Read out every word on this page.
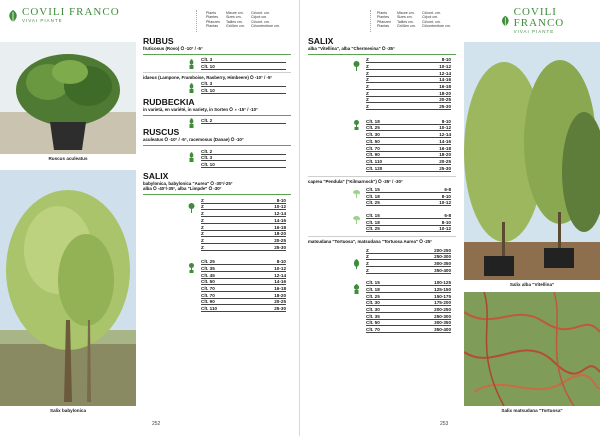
COVILI FRANCO
VIVAI PIANTE
Plants
Plantes
Pflanzen
Plantas
Misure cm.
Sizes cm.
Tailles cm.
Größen cm.
Ci/cont. cm.
Ci/pot cm.
Ci/cont. cm.
Ci/contenitore cm.
Ruscus aculeatus
Salix babylonica
RUBUS
fruticosus (Rovo) ⭘ -10° / -5°
Clt. 3
Clt. 10
idaeus (Lampone, Framboise, Rasberry, Himbeere) ⭘ -10° / -5°
Clt. 3
Clt. 10
RUDBECKIA
in varietà, en variété, in variety, in Sorten ⭘ ◑ -15° / -10°
Clt. 2
RUSCUS
aculeatus ⭘ -10° / -5°, racemosus (Danae) ⭘ -10°
Clt. 2
Clt. 3
Clt. 10
SALIX
babylonica, babylonica "Aurea" ⭘ -30°/-25°
alba ⭘ -40°/-35°, alba "Limpde" ⭘ -30°
Z	8-10
Z	10-12
Z	12-14
Z	14-16
Z	16-18
Z	18-20
Z	20-25
Z	25-30
Clt. 25	8-10
Clt. 35	10-12
Clt. 45	12-14
Clt. 50	14-16
Clt. 70	16-18
Clt. 70	18-20
Clt. 90	20-25
Clt. 110	25-30
252
Plants
Plantes
Pflanzen
Plantas
Misure cm.
Sizes cm.
Tailles cm.
Größen cm.
Ci/cont. cm.
Ci/pot cm.
Ci/cont. cm.
Ci/contenitore cm.
COVILI FRANCO
VIVAI PIANTE
Salix alba "Vitellina"
Salix matsudana "Tortuosa"
SALIX
alba "Vitellina", alba "Chermesina" ⭘ -35°
Z	8-10
Z	10-12
Z	12-14
Z	14-16
Z	16-18
Z	18-20
Z	20-25
Z	25-30
Clt. 18	8-10
Clt. 25	10-12
Clt. 30	12-14
Clt. 50	14-16
Clt. 70	16-18
Clt. 90	18-20
Clt. 110	20-25
Clt. 120	25-30
caprea "Pendula" ("Kilmarnock") ⭘ -35° / -30°
Clt. 15	6-8
Clt. 18	8-10
Clt. 25	10-12
Clt. 15	6-8
Clt. 18	8-10
Clt. 25	10-12
matsudana "Tortuosa", matsudana "Tortuosa Aurea" ⭘ -25°
Z	200-250
Z	250-300
Z	300-350
Z	350-400
Clt. 15	100-125
Clt. 18	125-150
Clt. 25	150-175
Clt. 30	175-200
Clt. 30	200-250
Clt. 35	250-300
Clt. 50	300-350
Clt. 70	350-400
253
